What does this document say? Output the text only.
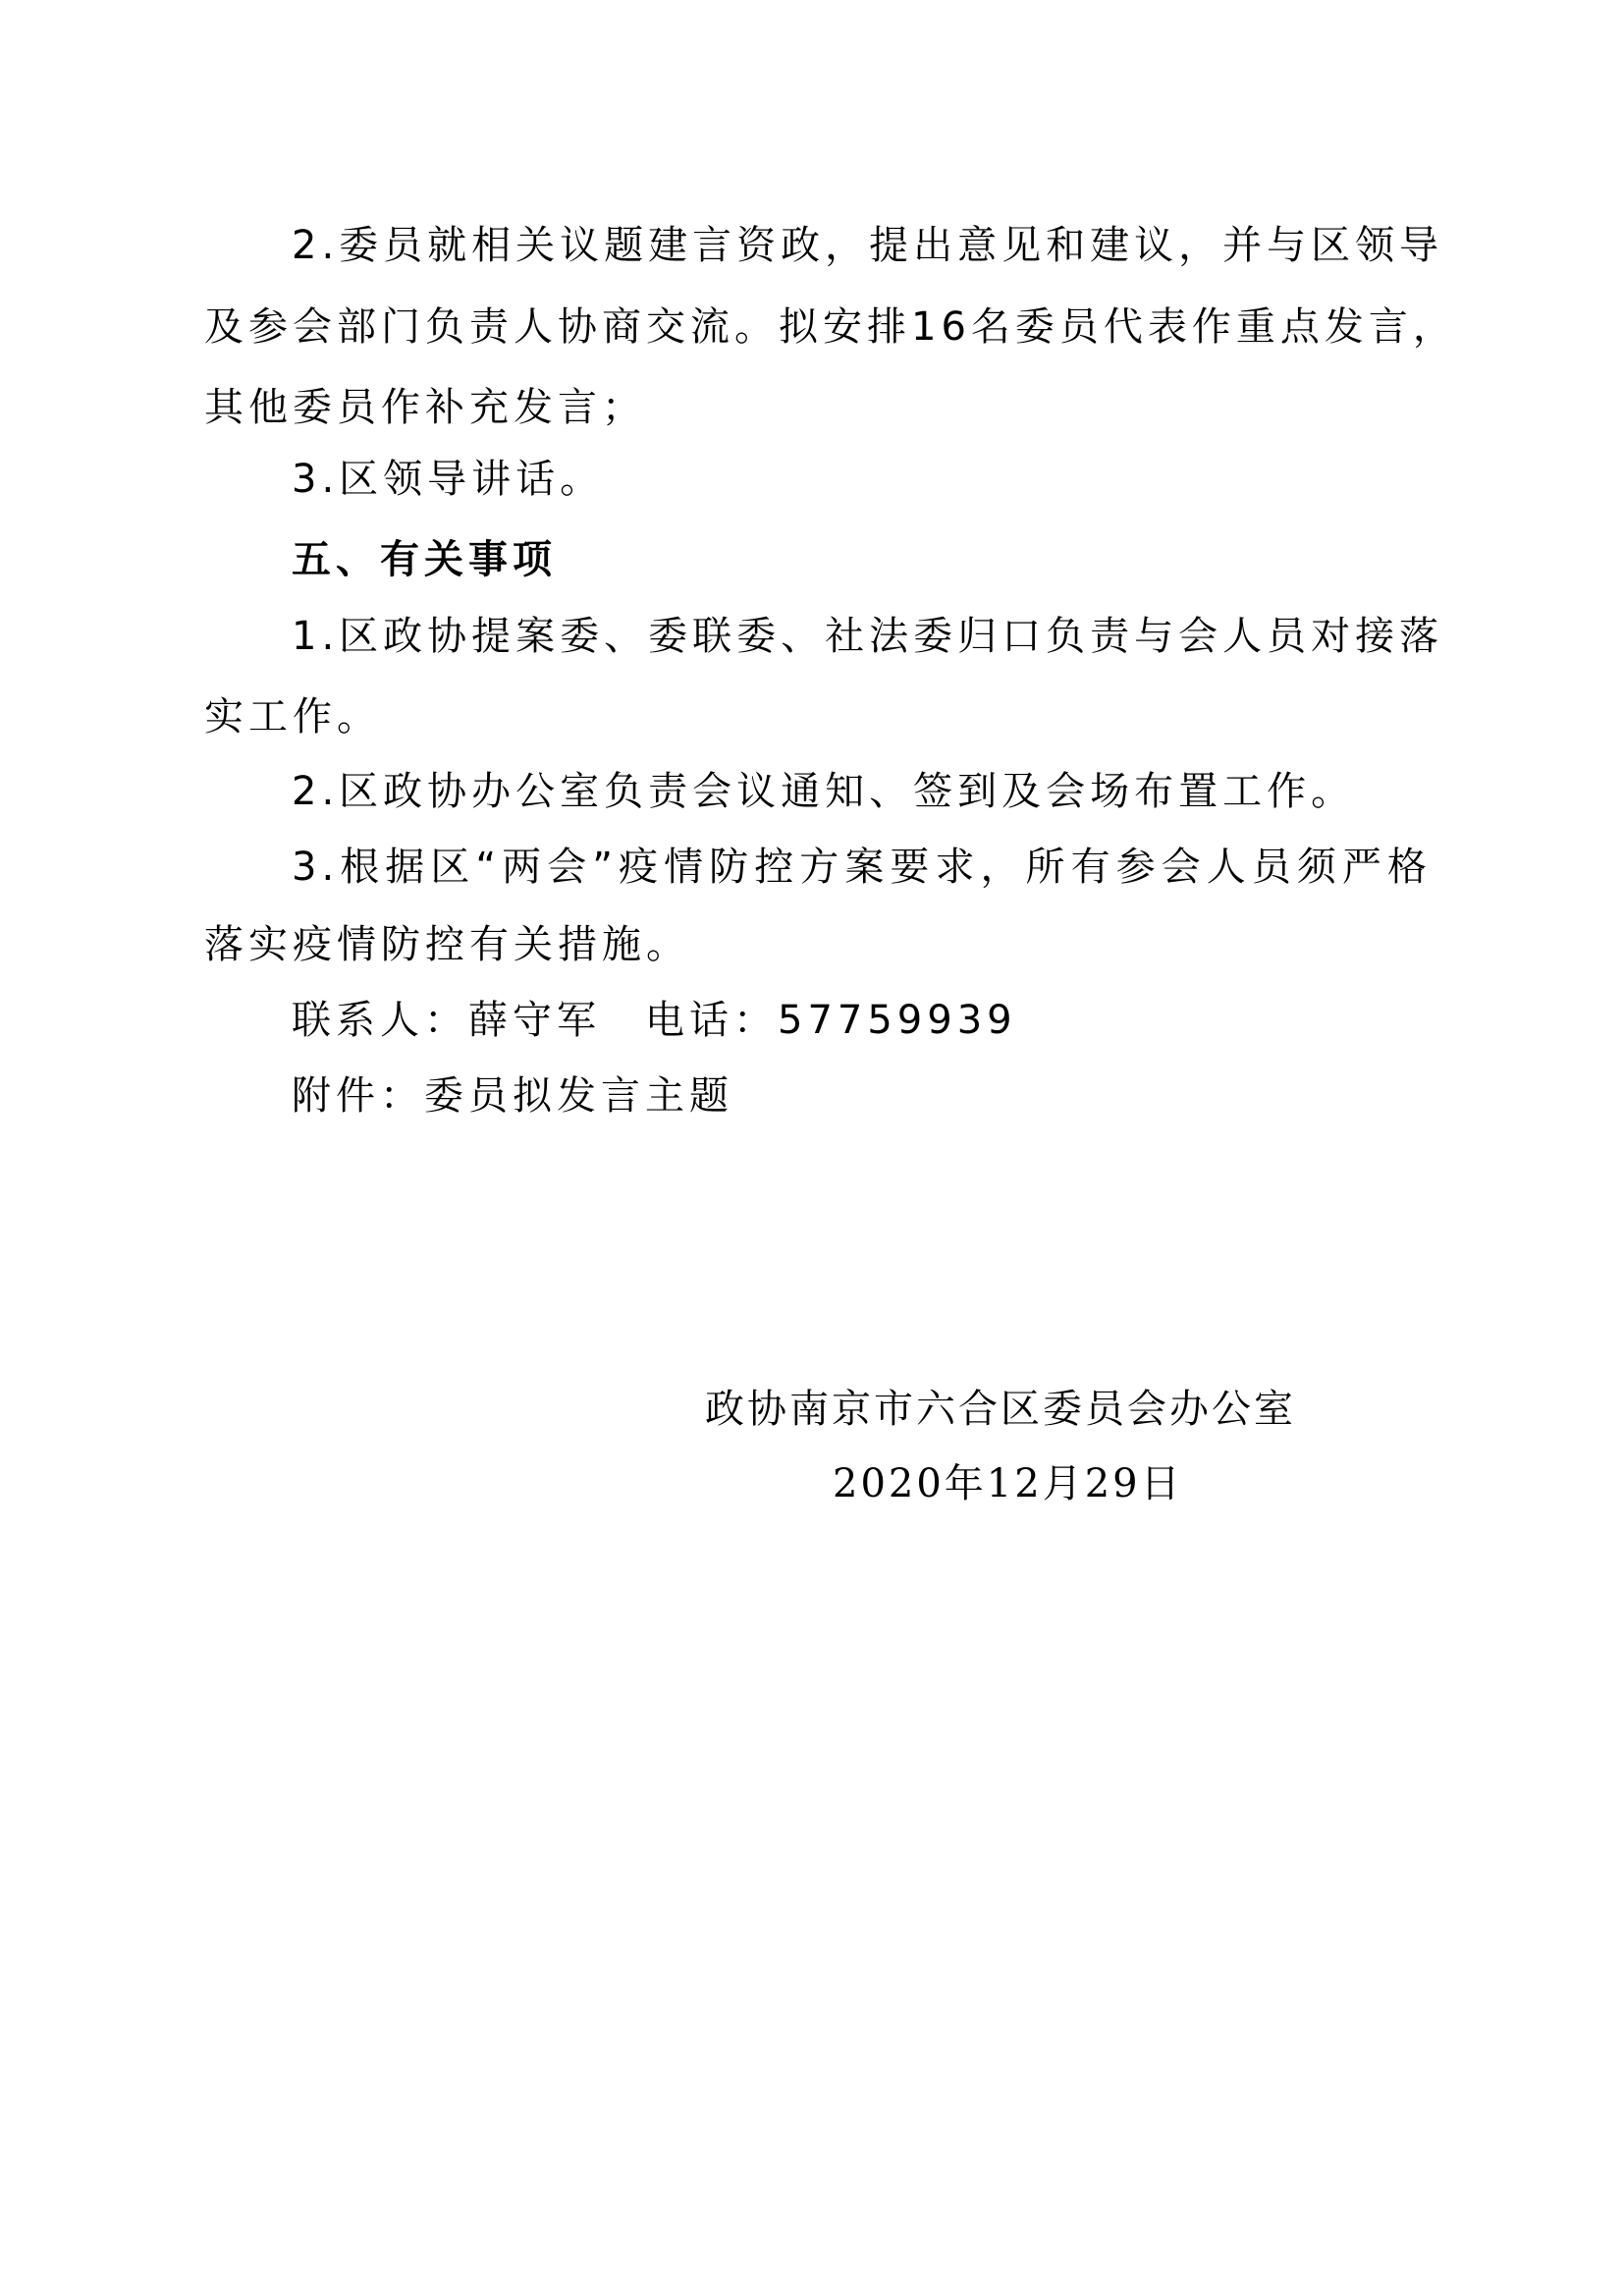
2.委员就相关议题建言资政，提出意见和建议，并与区领导
及参会部门负责人协商交流。拟安排16名委员代表作重点发言，
其他委员作补充发言；
3.区领导讲话。
五、有关事项
1.区政协提案委、委联委、社法委归口负责与会人员对接落
实工作。
2.区政协办公室负责会议通知、签到及会场布置工作。
3.根据区“两会”疫情防控方案要求，所有参会人员须严格
落实疫情防控有关措施。
联系人：薛守军　电话：57759939
附件：委员拟发言主题
政协南京市六合区委员会办公室
2020年12月29日
